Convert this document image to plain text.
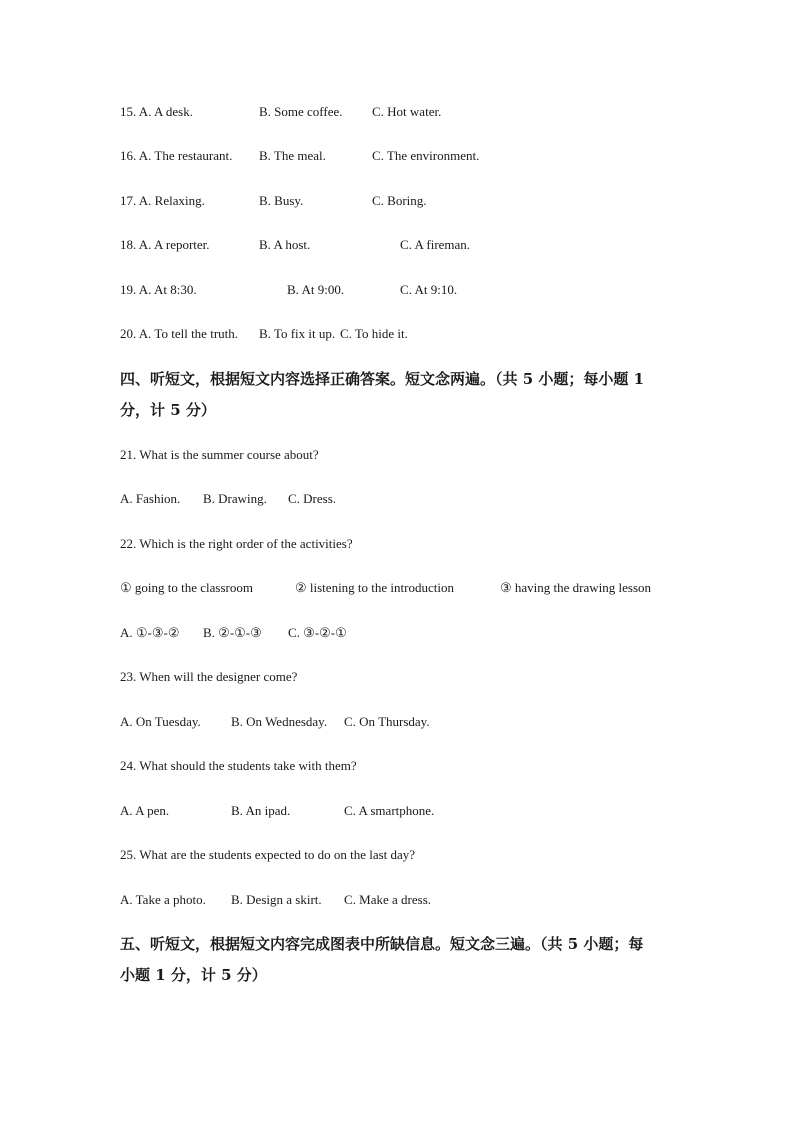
15. A. A desk.	B. Some coffee. C. Hot water.
16. A. The restaurant. B. The meal.	C. The environment.
17. A. Relaxing.	B. Busy.	C. Boring.
18. A. A reporter.	B. A host.	C. A fireman.
19. A. At 8:30.	B. At 9:00.	C. At 9:10.
20. A. To tell the truth. B. To fix it up. C. To hide it.
四、听短文，根据短文内容选择正确答案。短文念两遍。（共 5 小题；每小题 1
分，计 5 分）
21. What is the summer course about?
A. Fashion. B. Drawing. C. Dress.
22. Which is the right order of the activities?
① going to the classroom	② listening to the introduction	③ having the drawing lesson
A. ①-③-② B. ②-①-③ C. ③-②-①
23. When will the designer come?
A. On Tuesday. B. On Wednesday. C. On Thursday.
24. What should the students take with them?
A. A pen.	B. An ipad.	C. A smartphone.
25. What are the students expected to do on the last day?
A. Take a photo. B. Design a skirt. C. Make a dress.
五、听短文，根据短文内容完成图表中所缺信息。短文念三遍。（共 5 小题；每
小题 1 分，计 5 分）
